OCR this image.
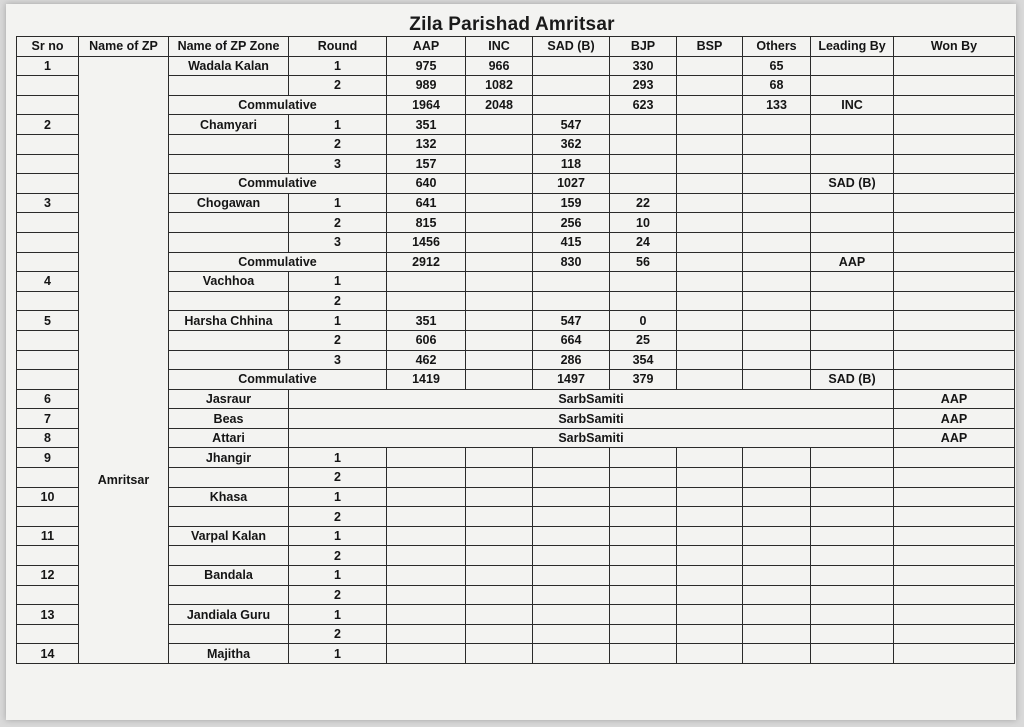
Zila Parishad Amritsar
Sr no	Name of ZP	Name of ZP Zone	Round	AAP	INC	SAD (B)	BJP	BSP	Others	Leading By	Won By
1	Amritsar	Wadala Kalan	1	975	966		330		65		
			2	989	1082		293		68		
		Commulative		1964	2048		623		133	INC	
2		Chamyari	1	351		547					
			2	132		362					
			3	157		118					
		Commulative		640		1027				SAD (B)	
3		Chogawan	1	641		159	22				
			2	815		256	10				
			3	1456		415	24				
		Commulative		2912		830	56			AAP	
4		Vachhoa	1								
			2								
5		Harsha Chhina	1	351		547	0				
			2	606		664	25				
			3	462		286	354				
		Commulative		1419		1497	379			SAD (B)	
6		Jasraur	SarbSamiti								AAP
7		Beas	SarbSamiti								AAP
8		Attari	SarbSamiti								AAP
9		Jhangir	1								
			2								
10		Khasa	1								
			2								
11		Varpal Kalan	1								
			2								
12		Bandala	1								
			2								
13		Jandiala Guru	1								
			2								
14		Majitha	1								
